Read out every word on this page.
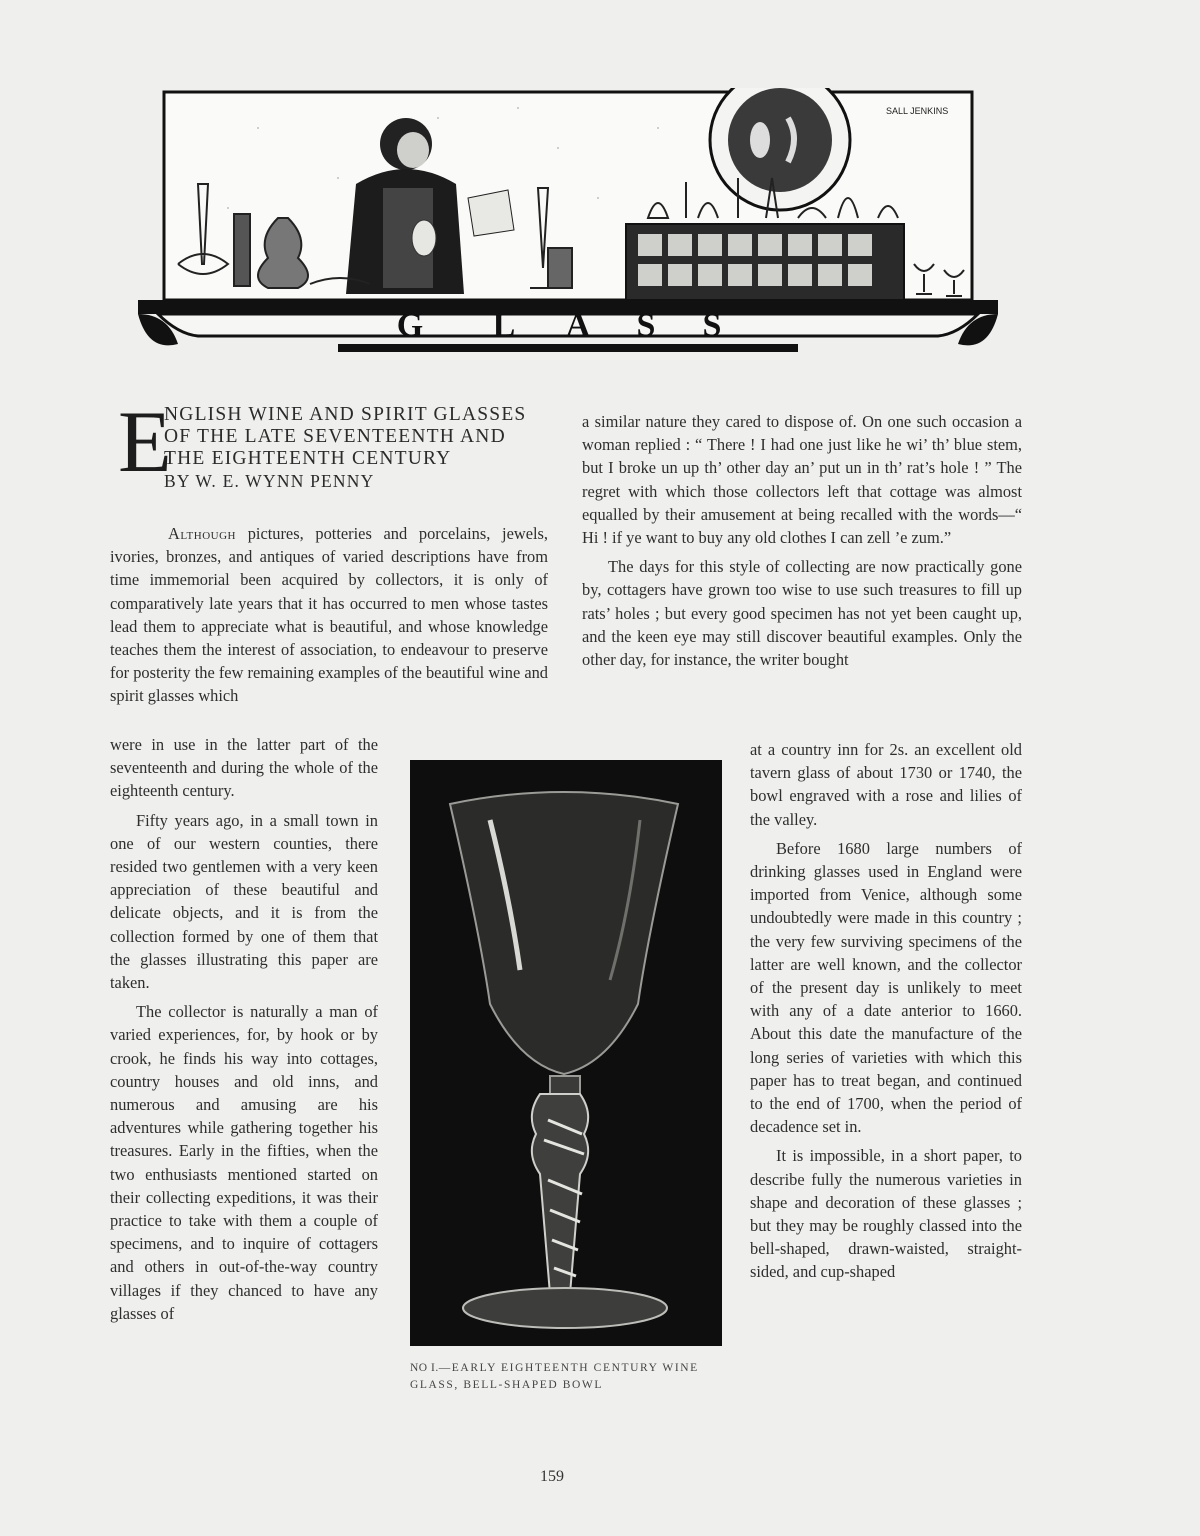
SALL JENKINS
G L A S S
E
NGLISH WINE AND SPIRIT GLASSES
OF THE LATE SEVENTEENTH AND
THE EIGHTEENTH CENTURY
BY W. E. WYNN PENNY

Although pictures, potteries and porcelains, jewels, ivories, bronzes, and antiques of varied descriptions have from time immemorial been acquired by collectors, it is only of comparatively late years that it has occurred to men whose tastes lead them to appreciate what is beautiful, and whose knowledge teaches them the interest of association, to endeavour to preserve for posterity the few remaining examples of the beautiful wine and spirit glasses which

were in use in the latter part of the seventeenth and during the whole of the eighteenth century.

Fifty years ago, in a small town in one of our western counties, there resided two gentlemen with a very keen appreciation of these beautiful and delicate objects, and it is from the collection formed by one of them that the glasses illustrating this paper are taken.

The collector is naturally a man of varied experiences, for, by hook or by crook, he finds his way into cottages, country houses and old inns, and numerous and amusing are his adventures while gathering together his treasures. Early in the fifties, when the two enthusiasts mentioned started on their collecting expeditions, it was their practice to take with them a couple of specimens, and to inquire of cottagers and others in out-of-the-way country villages if they chanced to have any glasses of

a similar nature they cared to dispose of. On one such occasion a woman replied : “ There ! I had one just like he wi’ th’ blue stem, but I broke un up th’ other day an’ put un in th’ rat’s hole ! ” The regret with which those collectors left that cottage was almost equalled by their amusement at being recalled with the words—“ Hi ! if ye want to buy any old clothes I can zell ’e zum.”

The days for this style of collecting are now practically gone by, cottagers have grown too wise to use such treasures to fill up rats’ holes ; but every good specimen has not yet been caught up, and the keen eye may still discover beautiful examples. Only the other day, for instance, the writer bought

at a country inn for 2s. an excellent old tavern glass of about 1730 or 1740, the bowl engraved with a rose and lilies of the valley.

Before 1680 large numbers of drinking glasses used in England were imported from Venice, although some undoubtedly were made in this country ; the very few surviving specimens of the latter are well known, and the collector of the present day is unlikely to meet with any of a date anterior to 1660. About this date the manufacture of the long series of varieties with which this paper has to treat began, and continued to the end of 1700, when the period of decadence set in.

It is impossible, in a short paper, to describe fully the numerous varieties in shape and decoration of these glasses ; but they may be roughly classed into the bell-shaped, drawn-waisted, straight-sided, and cup-shaped

NO I.—EARLY EIGHTEENTH CENTURY WINE GLASS, BELL-SHAPED BOWL
159
